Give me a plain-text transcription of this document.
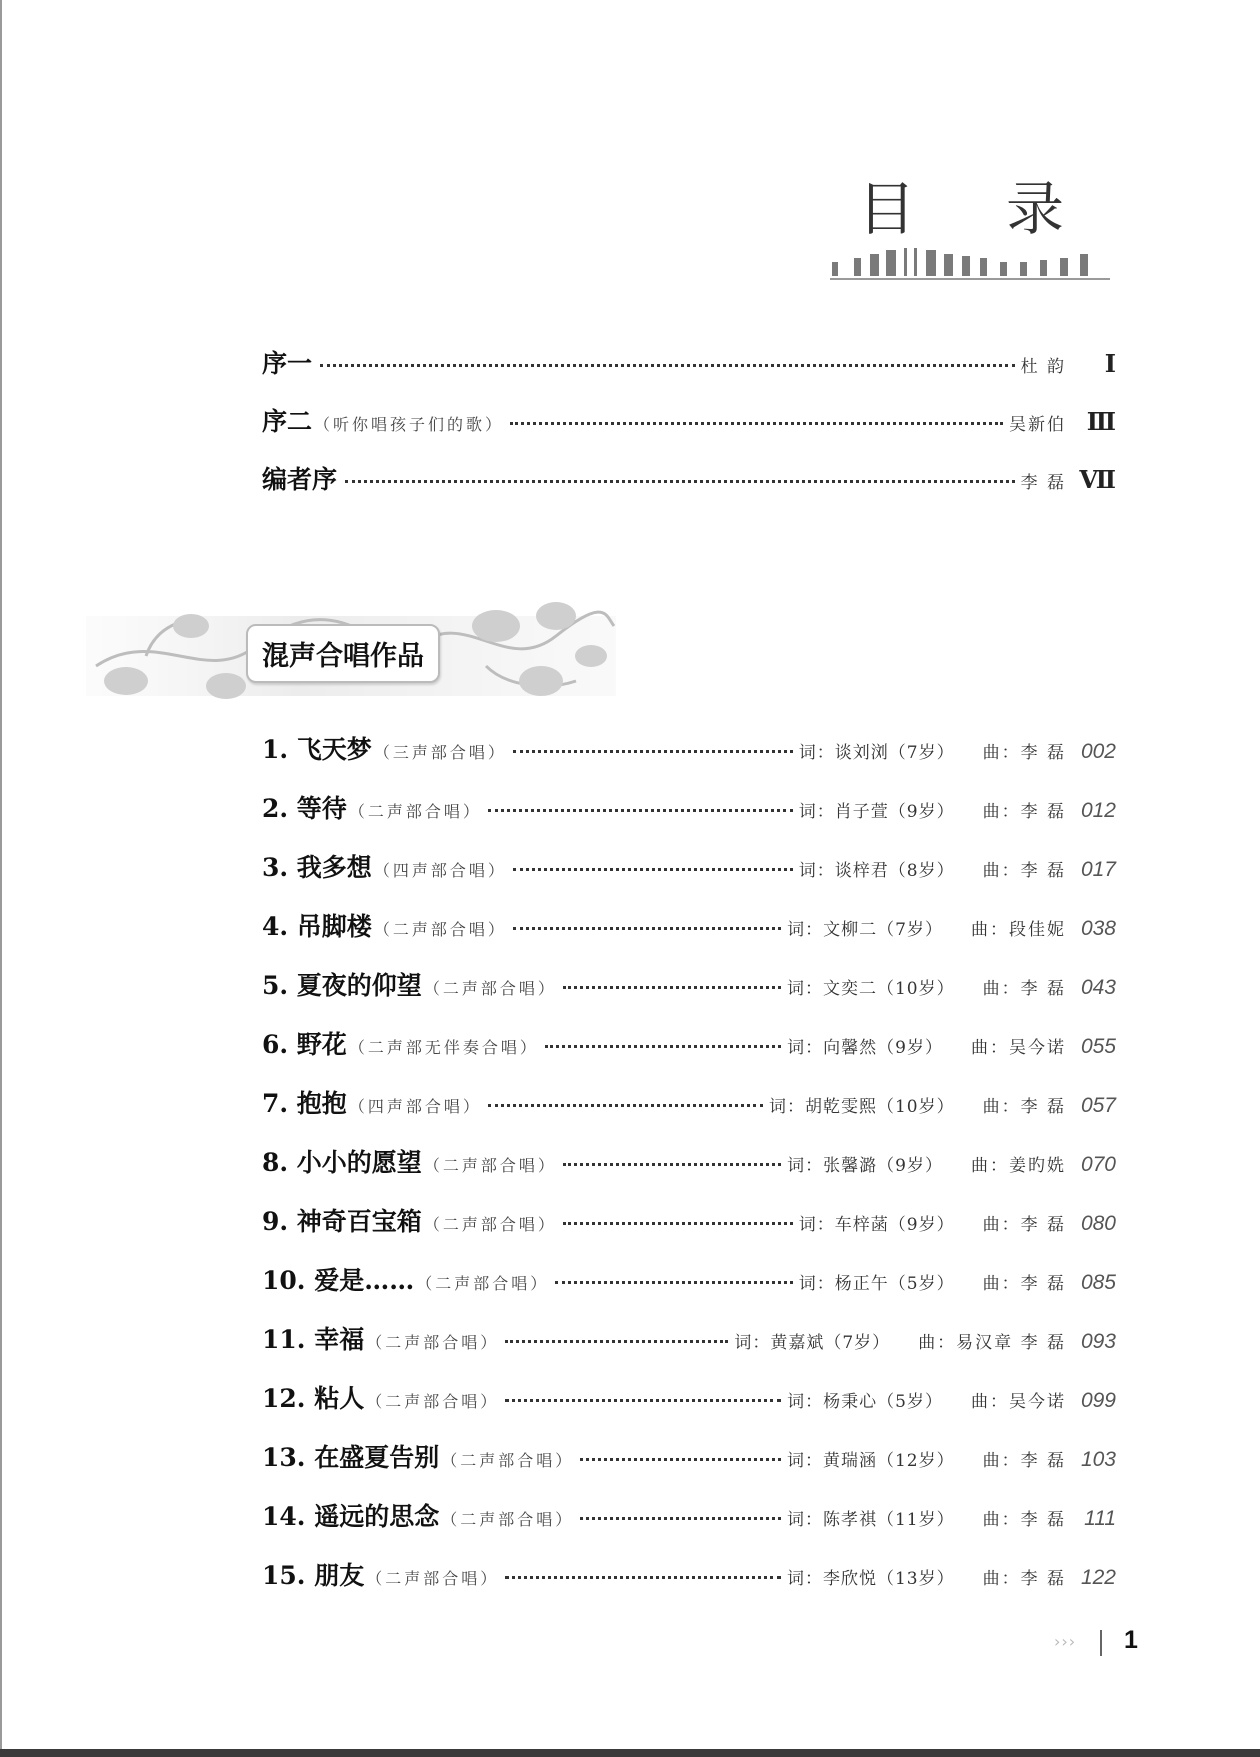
目 录
序一	杜 韵	Ⅰ
序二 （听你唱孩子们的歌）	吴新伯 Ⅲ
编者序	李 磊 Ⅶ
混声合唱作品
1. 飞天梦 （三声部合唱）	词：谈刘浏（7岁） 曲：李 磊 002
2. 等待 （二声部合唱）	词：肖子萱（9岁） 曲：李 磊 012
3. 我多想 （四声部合唱）	词：谈梓君（8岁） 曲：李 磊 017
4. 吊脚楼 （二声部合唱）	词：文柳二（7岁） 曲：段佳妮 038
5. 夏夜的仰望 （二声部合唱）	词：文奕二（10岁） 曲：李 磊 043
6. 野花 （二声部无伴奏合唱）	词：向馨然（9岁） 曲：吴今诺 055
7. 抱抱 （四声部合唱）	词：胡乾雯熙（10岁） 曲：李 磊 057
8. 小小的愿望 （二声部合唱）	词：张馨潞（9岁） 曲：姜旳姺 070
9. 神奇百宝箱 （二声部合唱）	词：车梓菡（9岁） 曲：李 磊 080
10. 爱是…… （二声部合唱）	词：杨正午（5岁） 曲：李 磊 085
11. 幸福 （二声部合唱）	词：黄嘉斌（7岁） 曲：易汉章 李 磊 093
12. 粘人 （二声部合唱）	词：杨秉心（5岁） 曲：吴今诺 099
13. 在盛夏告别 （二声部合唱）	词：黄瑞涵（12岁） 曲：李 磊 103
14. 遥远的思念 （二声部合唱）	词：陈孝祺（11岁） 曲：李 磊 111
15. 朋友 （二声部合唱）	词：李欣悦（13岁） 曲：李 磊 122
››› 1
